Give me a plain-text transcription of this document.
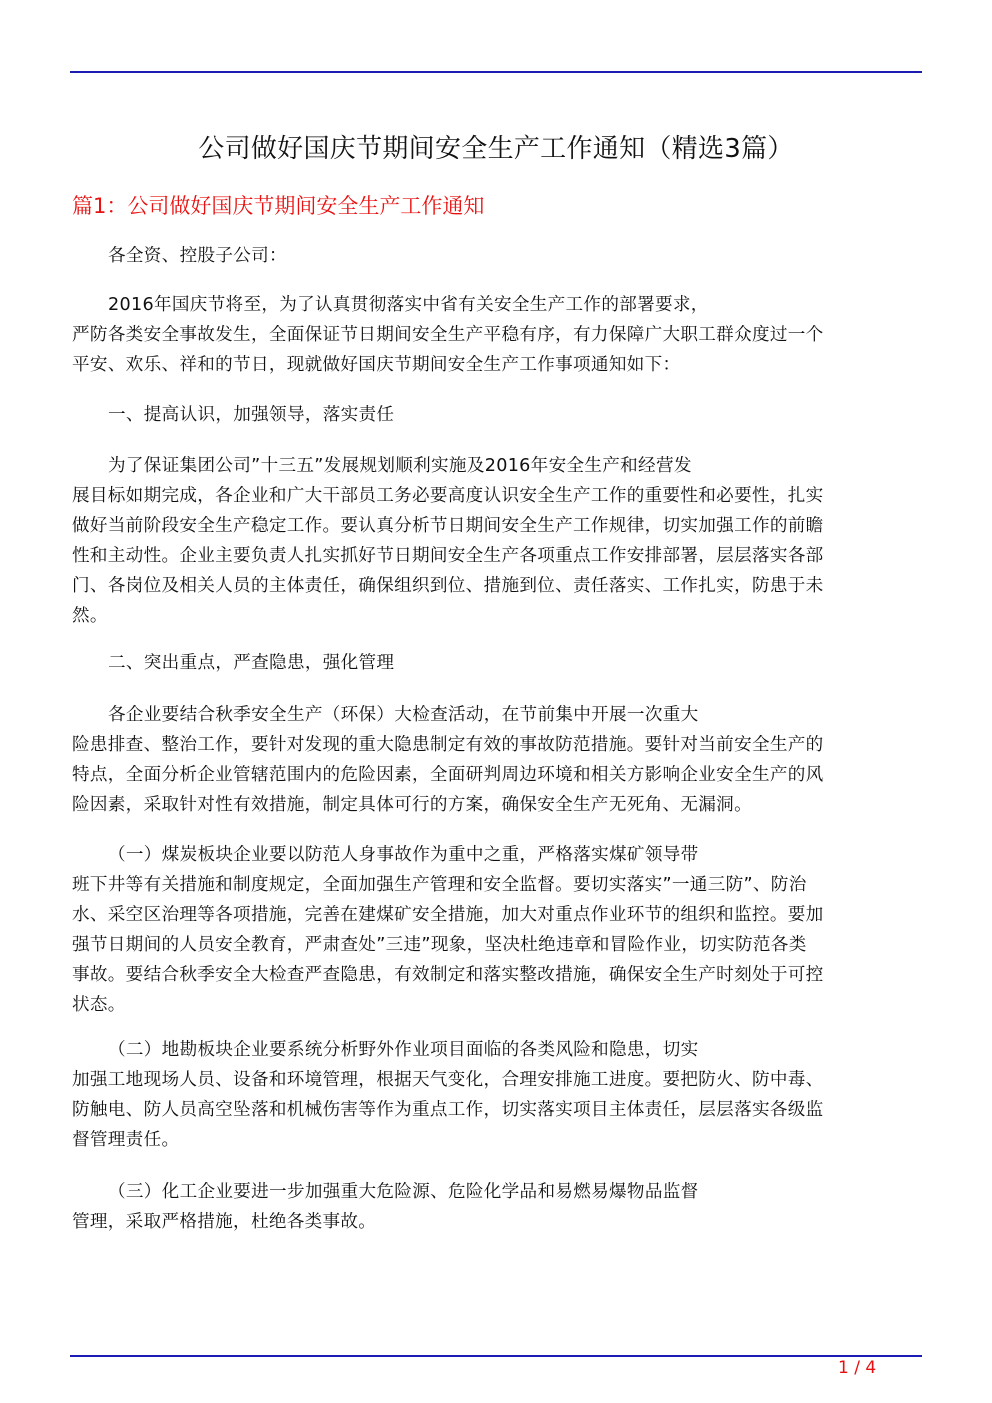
公司做好国庆节期间安全生产工作通知（精选3篇）
篇1：公司做好国庆节期间安全生产工作通知
各全资、控股子公司：
2016年国庆节将至，为了认真贯彻落实中省有关安全生产工作的部署要求，
严防各类安全事故发生，全面保证节日期间安全生产平稳有序，有力保障广大职工群众度过一个
平安、欢乐、祥和的节日，现就做好国庆节期间安全生产工作事项通知如下：
一、提高认识，加强领导，落实责任
为了保证集团公司”十三五”发展规划顺利实施及2016年安全生产和经营发
展目标如期完成，各企业和广大干部员工务必要高度认识安全生产工作的重要性和必要性，扎实
做好当前阶段安全生产稳定工作。要认真分析节日期间安全生产工作规律，切实加强工作的前瞻
性和主动性。企业主要负责人扎实抓好节日期间安全生产各项重点工作安排部署，层层落实各部
门、各岗位及相关人员的主体责任，确保组织到位、措施到位、责任落实、工作扎实，防患于未
然。
二、突出重点，严查隐患，强化管理
各企业要结合秋季安全生产（环保）大检查活动，在节前集中开展一次重大
险患排查、整治工作，要针对发现的重大隐患制定有效的事故防范措施。要针对当前安全生产的
特点，全面分析企业管辖范围内的危险因素，全面研判周边环境和相关方影响企业安全生产的风
险因素，采取针对性有效措施，制定具体可行的方案，确保安全生产无死角、无漏洞。
（一）煤炭板块企业要以防范人身事故作为重中之重，严格落实煤矿领导带
班下井等有关措施和制度规定，全面加强生产管理和安全监督。要切实落实”一通三防”、防治
水、采空区治理等各项措施，完善在建煤矿安全措施，加大对重点作业环节的组织和监控。要加
强节日期间的人员安全教育，严肃查处”三违”现象，坚决杜绝违章和冒险作业，切实防范各类
事故。要结合秋季安全大检查严查隐患，有效制定和落实整改措施，确保安全生产时刻处于可控
状态。
（二）地勘板块企业要系统分析野外作业项目面临的各类风险和隐患，切实
加强工地现场人员、设备和环境管理，根据天气变化，合理安排施工进度。要把防火、防中毒、
防触电、防人员高空坠落和机械伤害等作为重点工作，切实落实项目主体责任，层层落实各级监
督管理责任。
（三）化工企业要进一步加强重大危险源、危险化学品和易燃易爆物品监督
管理，采取严格措施，杜绝各类事故。
1 / 4
